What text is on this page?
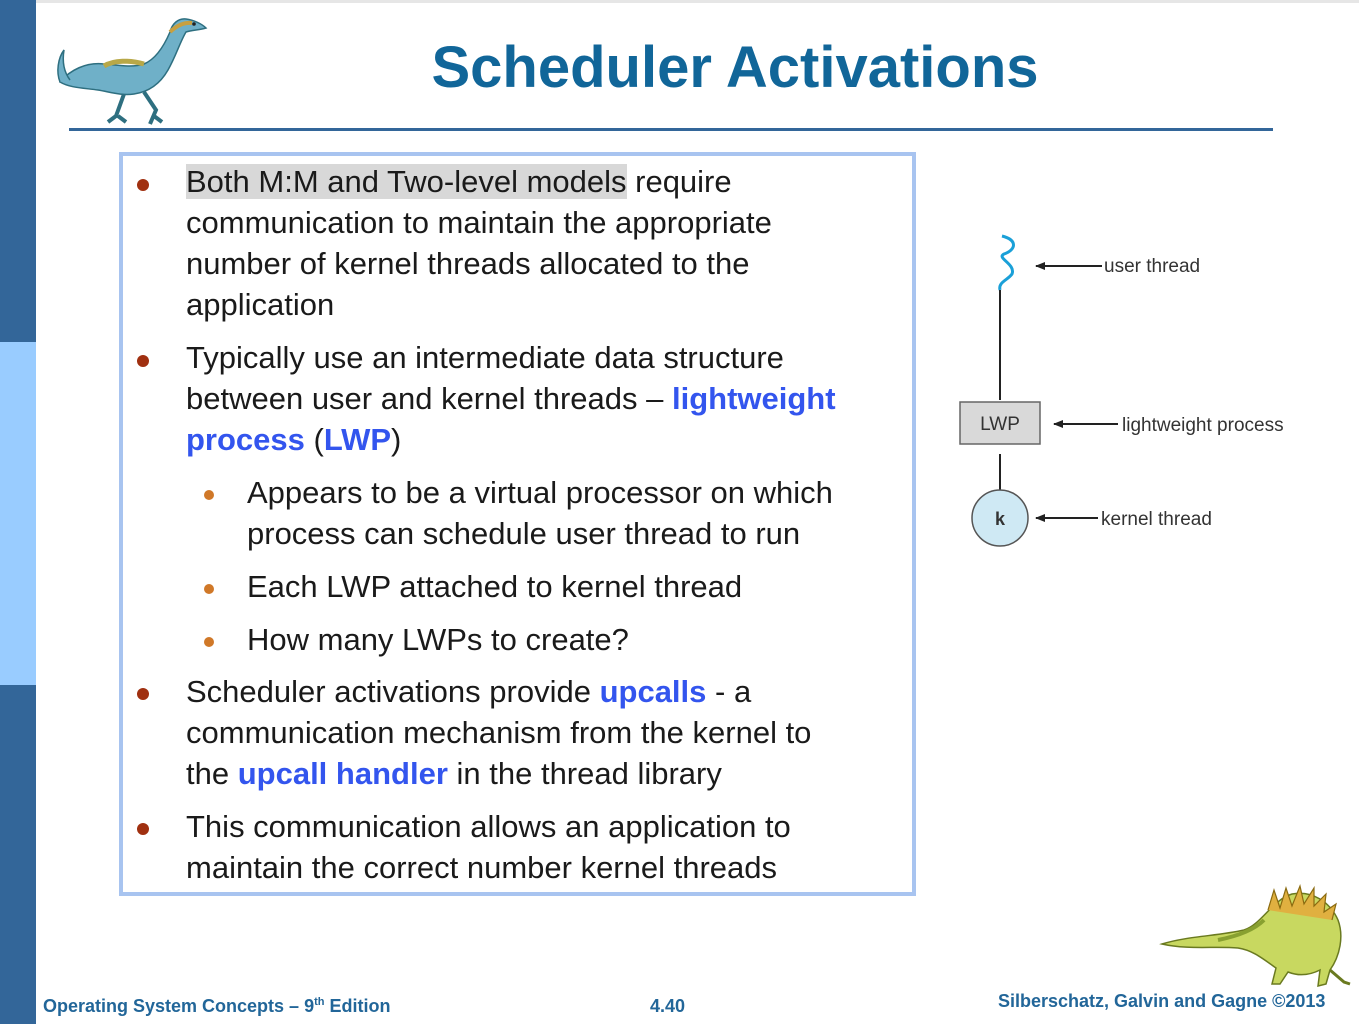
Scheduler Activations
Both M:M and Two-level models require
communication to maintain the appropriate
number of kernel threads allocated to the
application
Typically use an intermediate data structure
between user and kernel threads – lightweight
process (LWP)
Appears to be a virtual processor on which
process can schedule user thread to run
Each LWP attached to kernel thread
How many LWPs to create?
Scheduler activations provide upcalls - a
communication mechanism from the kernel to
the upcall handler in the thread library
This communication allows an application to
maintain the correct number kernel threads
user thread
LWP	lightweight process
k	kernel thread
Operating System Concepts – 9th Edition	4.40	Silberschatz, Galvin and Gagne ©2013
